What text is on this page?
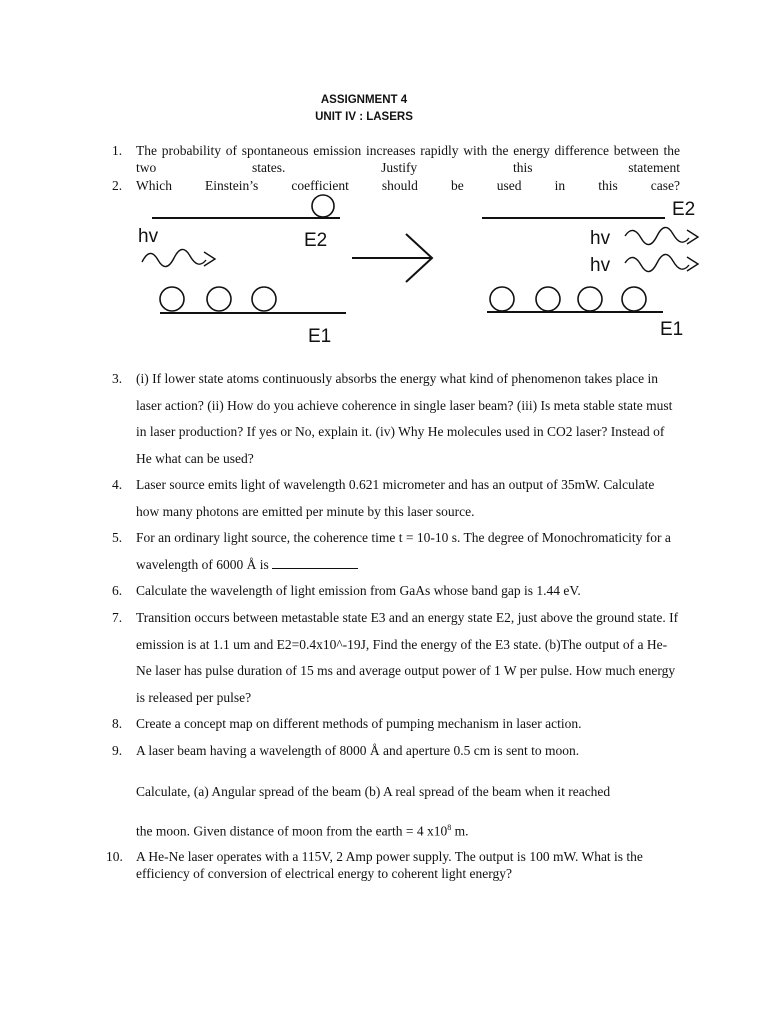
ASSIGNMENT 4
UNIT IV : LASERS
1. The probability of spontaneous emission increases rapidly with the energy difference between the two states. Justify this statement
2. Which Einstein’s coefficient should be used in this case?
hv	E2
E1
E2
hv
hv
E1
3. (i) If lower state atoms continuously absorbs the energy what kind of phenomenon takes place in laser action? (ii) How do you achieve coherence in single laser beam? (iii) Is meta stable state must in laser production? If yes or No, explain it. (iv) Why He molecules used in CO2 laser? Instead of He what can be used?
4. Laser source emits light of wavelength 0.621 micrometer and has an output of 35mW. Calculate how many photons are emitted per minute by this laser source.
5. For an ordinary light source, the coherence time t = 10-10 s. The degree of Monochromaticity for a wavelength of 6000 Å is
6. Calculate the wavelength of light emission from GaAs whose band gap is 1.44 eV.
7. Transition occurs between metastable state E3 and an energy state E2, just above the ground state. If emission is at 1.1 um and E2=0.4x10^-19J, Find the energy of the E3 state. (b)The output of a He-Ne laser has pulse duration of 15 ms and average output power of 1 W per pulse. How much energy is released per pulse?
8. Create a concept map on different methods of pumping mechanism in laser action.
9. A laser beam having a wavelength of 8000 Å and aperture 0.5 cm is sent to moon.
Calculate, (a) Angular spread of the beam (b) A real spread of the beam when it reached
the moon. Given distance of moon from the earth = 4 $x10^8$ m.
10. A He-Ne laser operates with a 115V, 2 Amp power supply. The output is 100 mW. What is the efficiency of conversion of electrical energy to coherent light energy?
